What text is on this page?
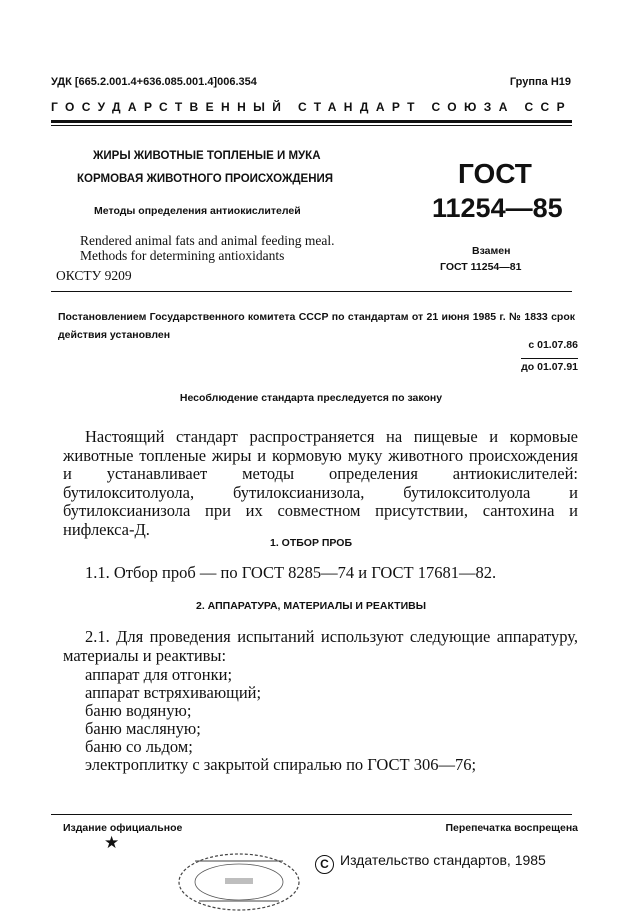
УДК [665.2.001.4+636.085.001.4]006.354	Группа Н19
ГОСУДАРСТВЕННЫЙ СТАНДАРТ СОЮЗА ССР
ЖИРЫ ЖИВОТНЫЕ ТОПЛЕНЫЕ И МУКА
КОРМОВАЯ ЖИВОТНОГО ПРОИСХОЖДЕНИЯ
Методы определения антиокислителей
Rendered animal fats and animal feeding meal.
Methods for determining antioxidants
ОКСТУ 9209
ГОСТ
11254—85
Взамен
ГОСТ 11254—81
Постановлением Государственного комитета СССР по стандартам от 21 июня 1985 г. № 1833 срок действия установлен
с 01.07.86
до 01.07.91
Несоблюдение стандарта преследуется по закону

Настоящий стандарт распространяется на пищевые и кормовые животные топленые жиры и кормовую муку животного происхождения и устанавливает методы определения антиокислителей: бутилокситолуола, бутилоксианизола, бутилокситолуола и бутилоксианизола при их совместном присутствии, сантохина и нифлекса-Д.

1. ОТБОР ПРОБ
1.1. Отбор проб — по ГОСТ 8285—74 и ГОСТ 17681—82.
2. АППАРАТУРА, МАТЕРИАЛЫ И РЕАКТИВЫ

2.1. Для проведения испытаний используют следующие аппаратуру, материалы и реактивы:

аппарат для отгонки;
аппарат встряхивающий;
баню водяную;
баню масляную;
баню со льдом;
электроплитку с закрытой спиралью по ГОСТ 306—76;
Издание официальное	Перепечатка воспрещена
★
C Издательство стандартов, 1985
